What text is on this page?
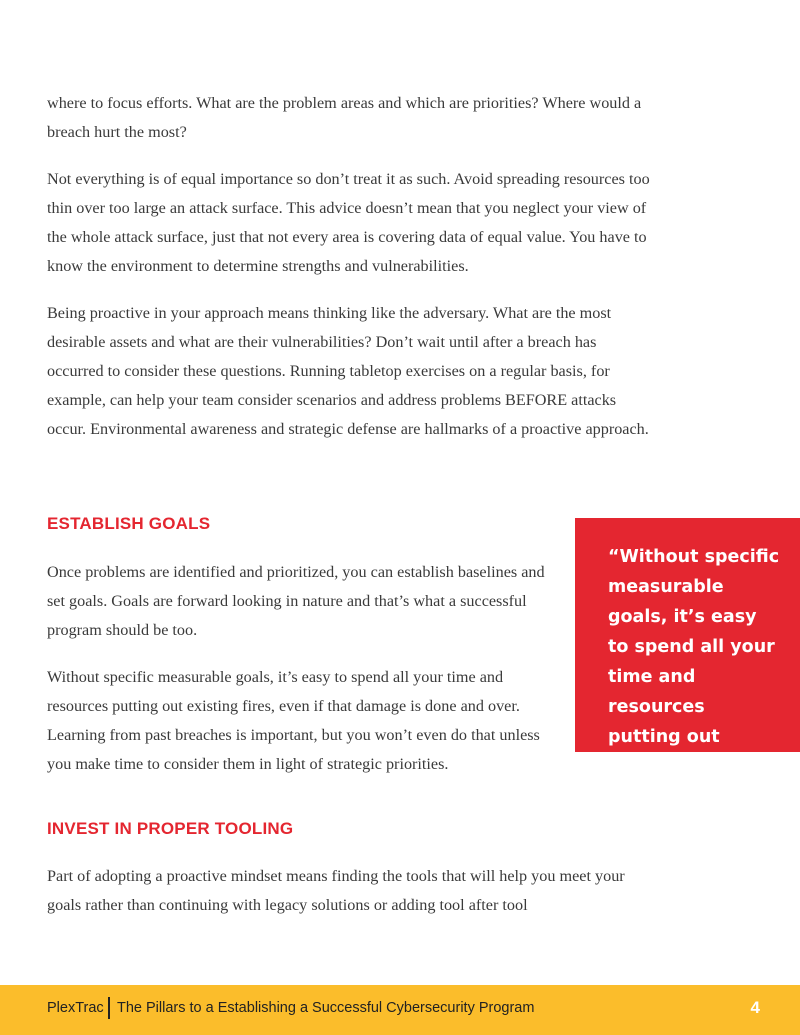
where to focus efforts. What are the problem areas and which are priorities? Where would a breach hurt the most?

Not everything is of equal importance so don’t treat it as such. Avoid spreading resources too thin over too large an attack surface. This advice doesn’t mean that you neglect your view of the whole attack surface, just that not every area is covering data of equal value. You have to know the environment to determine strengths and vulnerabilities.

Being proactive in your approach means thinking like the adversary. What are the most desirable assets and what are their vulnerabilities? Don’t wait until after a breach has occurred to consider these questions. Running tabletop exercises on a regular basis, for example, can help your team consider scenarios and address problems BEFORE attacks occur. Environmental awareness and strategic defense are hallmarks of a proactive approach.

ESTABLISH GOALS

Once problems are identified and prioritized, you can establish baselines and set goals. Goals are forward looking in nature and that’s what a successful program should be too.

Without specific measurable goals, it’s easy to spend all your time and resources putting out existing fires, even if that damage is done and over. Learning from past breaches is important, but you won’t even do that unless you make time to consider them in light of strategic priorities.

“Without specific measurable goals, it’s easy to spend all your time and resources putting out existing fires.”
INVEST IN PROPER TOOLING

Part of adopting a proactive mindset means finding the tools that will help you meet your goals rather than continuing with legacy solutions or adding tool after tool

PlexTrac The Pillars to a Establishing a Successful Cybersecurity Program	4
